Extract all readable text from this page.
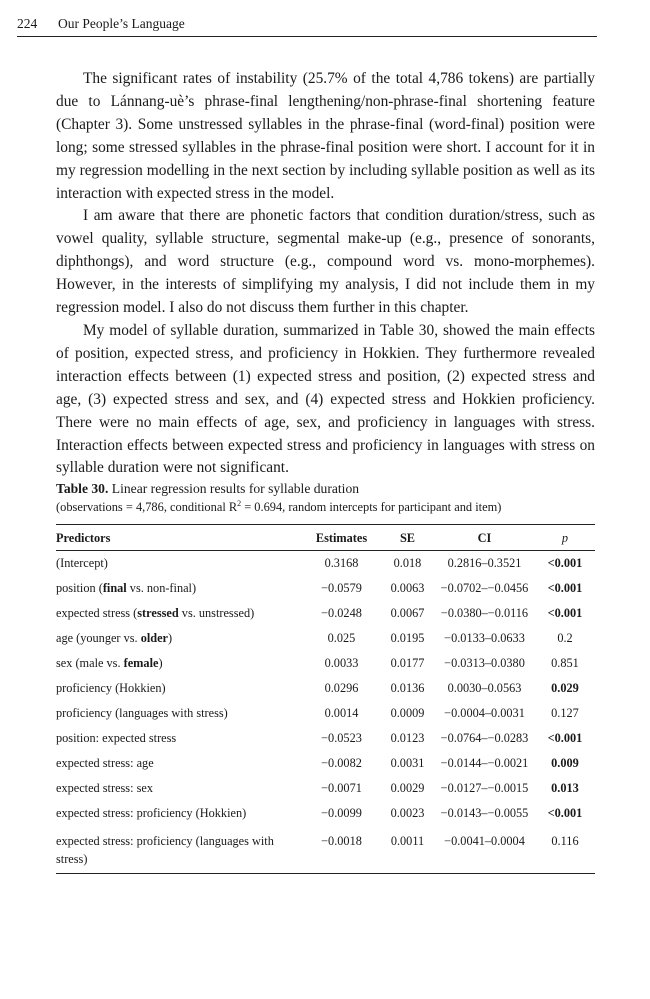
224 Our People’s Language

The significant rates of instability (25.7% of the total 4,786 tokens) are partially due to Lánnang-uè’s phrase-final lengthening/non-phrase-final shortening feature (Chapter 3). Some unstressed syllables in the phrase-final (word-final) position were long; some stressed syllables in the phrase-final position were short. I account for it in my regression modelling in the next section by including syllable position as well as its interaction with expected stress in the model.

I am aware that there are phonetic factors that condition duration/stress, such as vowel quality, syllable structure, segmental make-up (e.g., presence of sonorants, diphthongs), and word structure (e.g., compound word vs. mono-morphemes). However, in the interests of simplifying my analysis, I did not include them in my regression model. I also do not discuss them further in this chapter.

My model of syllable duration, summarized in Table 30, showed the main effects of position, expected stress, and proficiency in Hokkien. They furthermore revealed interaction effects between (1) expected stress and position, (2) expected stress and age, (3) expected stress and sex, and (4) expected stress and Hokkien proficiency. There were no main effects of age, sex, and proficiency in languages with stress. Interaction effects between expected stress and proficiency in languages with stress on syllable duration were not significant.

Table 30. Linear regression results for syllable duration
(observations = 4,786, conditional $R^2 = 0.694$, random intercepts for participant and item)
Predictors	Estimates	SE	CI	p
(Intercept)	0.3168	0.018	0.2816–0.3521	<0.001
position (final vs. non-final)	−0.0579	0.0063	−0.0702–−0.0456	<0.001
expected stress (stressed vs. unstressed)	−0.0248	0.0067	−0.0380–−0.0116	<0.001
age (younger vs. older)	0.025	0.0195	−0.0133–0.0633	0.2
sex (male vs. female)	0.0033	0.0177	−0.0313–0.0380	0.851
proficiency (Hokkien)	0.0296	0.0136	0.0030–0.0563	0.029
proficiency (languages with stress)	0.0014	0.0009	−0.0004–0.0031	0.127
position: expected stress	−0.0523	0.0123	−0.0764–−0.0283	<0.001
expected stress: age	−0.0082	0.0031	−0.0144–−0.0021	0.009
expected stress: sex	−0.0071	0.0029	−0.0127–−0.0015	0.013
expected stress: proficiency (Hokkien)	−0.0099	0.0023	−0.0143–−0.0055	<0.001
expected stress: proficiency (languages with stress)	−0.0018	0.0011	−0.0041–0.0004	0.116
